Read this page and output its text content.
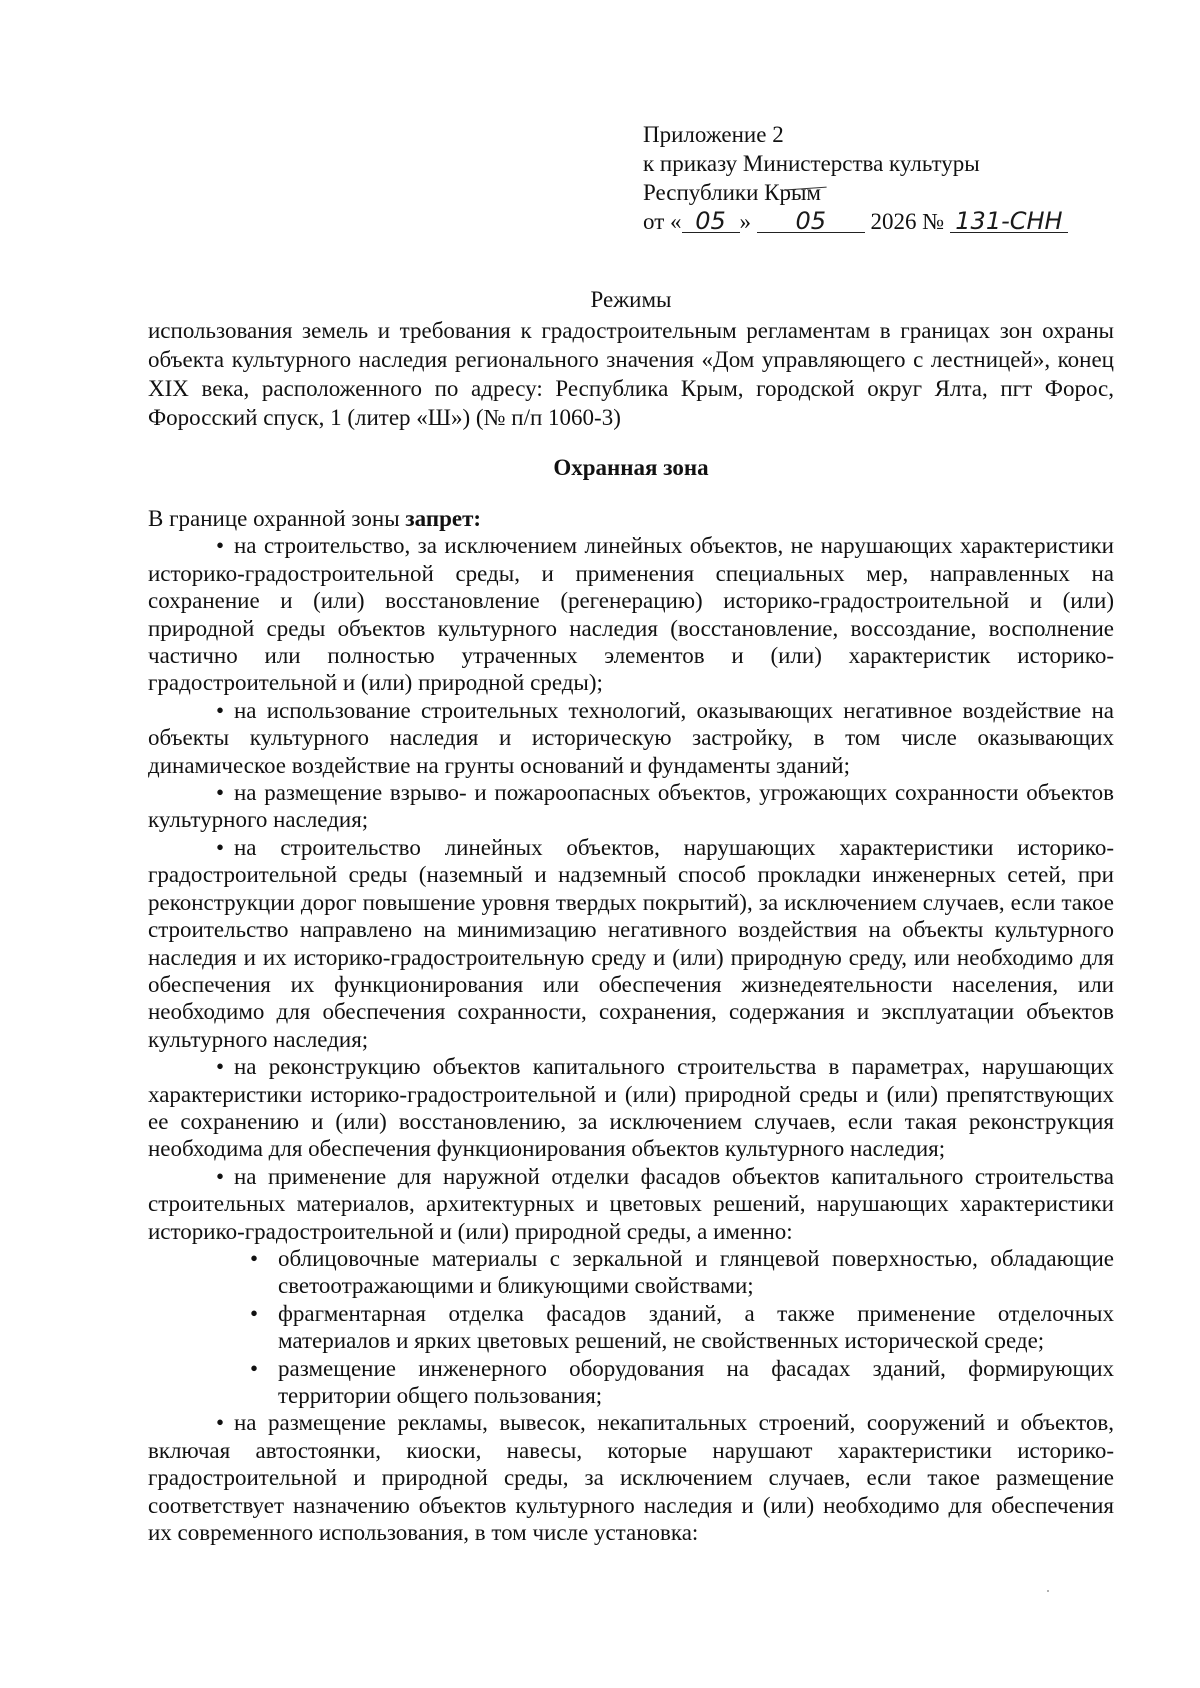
Приложение 2
к приказу Министерства культуры
Республики Крым
от « 05 » 05 2026 № 131-СНН

Режимы

использования земель и требования к градостроительным регламентам в границах зон охраны объекта культурного наследия регионального значения «Дом управляющего с лестницей», конец XIX века, расположенного по адресу: Республика Крым, городской округ Ялта, пгт Форос, Форосский спуск, 1 (литер «Ш») (№ п/п 1060-3)

Охранная зона

В границе охранной зоны запрет:

• на строительство, за исключением линейных объектов, не нарушающих характеристики историко-градостроительной среды, и применения специальных мер, направленных на сохранение и (или) восстановление (регенерацию) историко-градостроительной и (или) природной среды объектов культурного наследия (восстановление, воссоздание, восполнение частично или полностью утраченных элементов и (или) характеристик историко-градостроительной и (или) природной среды);

• на использование строительных технологий, оказывающих негативное воздействие на объекты культурного наследия и историческую застройку, в том числе оказывающих динамическое воздействие на грунты оснований и фундаменты зданий;

• на размещение взрыво- и пожароопасных объектов, угрожающих сохранности объектов культурного наследия;

• на строительство линейных объектов, нарушающих характеристики историко-градостроительной среды (наземный и надземный способ прокладки инженерных сетей, при реконструкции дорог повышение уровня твердых покрытий), за исключением случаев, если такое строительство направлено на минимизацию негативного воздействия на объекты культурного наследия и их историко-градостроительную среду и (или) природную среду, или необходимо для обеспечения их функционирования или обеспечения жизнедеятельности населения, или необходимо для обеспечения сохранности, сохранения, содержания и эксплуатации объектов культурного наследия;

• на реконструкцию объектов капитального строительства в параметрах, нарушающих характеристики историко-градостроительной и (или) природной среды и (или) препятствующих ее сохранению и (или) восстановлению, за исключением случаев, если такая реконструкция необходима для обеспечения функционирования объектов культурного наследия;

• на применение для наружной отделки фасадов объектов капитального строительства строительных материалов, архитектурных и цветовых решений, нарушающих характеристики историко-градостроительной и (или) природной среды, а именно:

• облицовочные материалы с зеркальной и глянцевой поверхностью, обладающие светоотражающими и бликующими свойствами;
• фрагментарная отделка фасадов зданий, а также применение отделочных материалов и ярких цветовых решений, не свойственных исторической среде;
• размещение инженерного оборудования на фасадах зданий, формирующих территории общего пользования;

• на размещение рекламы, вывесок, некапитальных строений, сооружений и объектов, включая автостоянки, киоски, навесы, которые нарушают характеристики историко-градостроительной и природной среды, за исключением случаев, если такое размещение соответствует назначению объектов культурного наследия и (или) необходимо для обеспечения их современного использования, в том числе установка:
